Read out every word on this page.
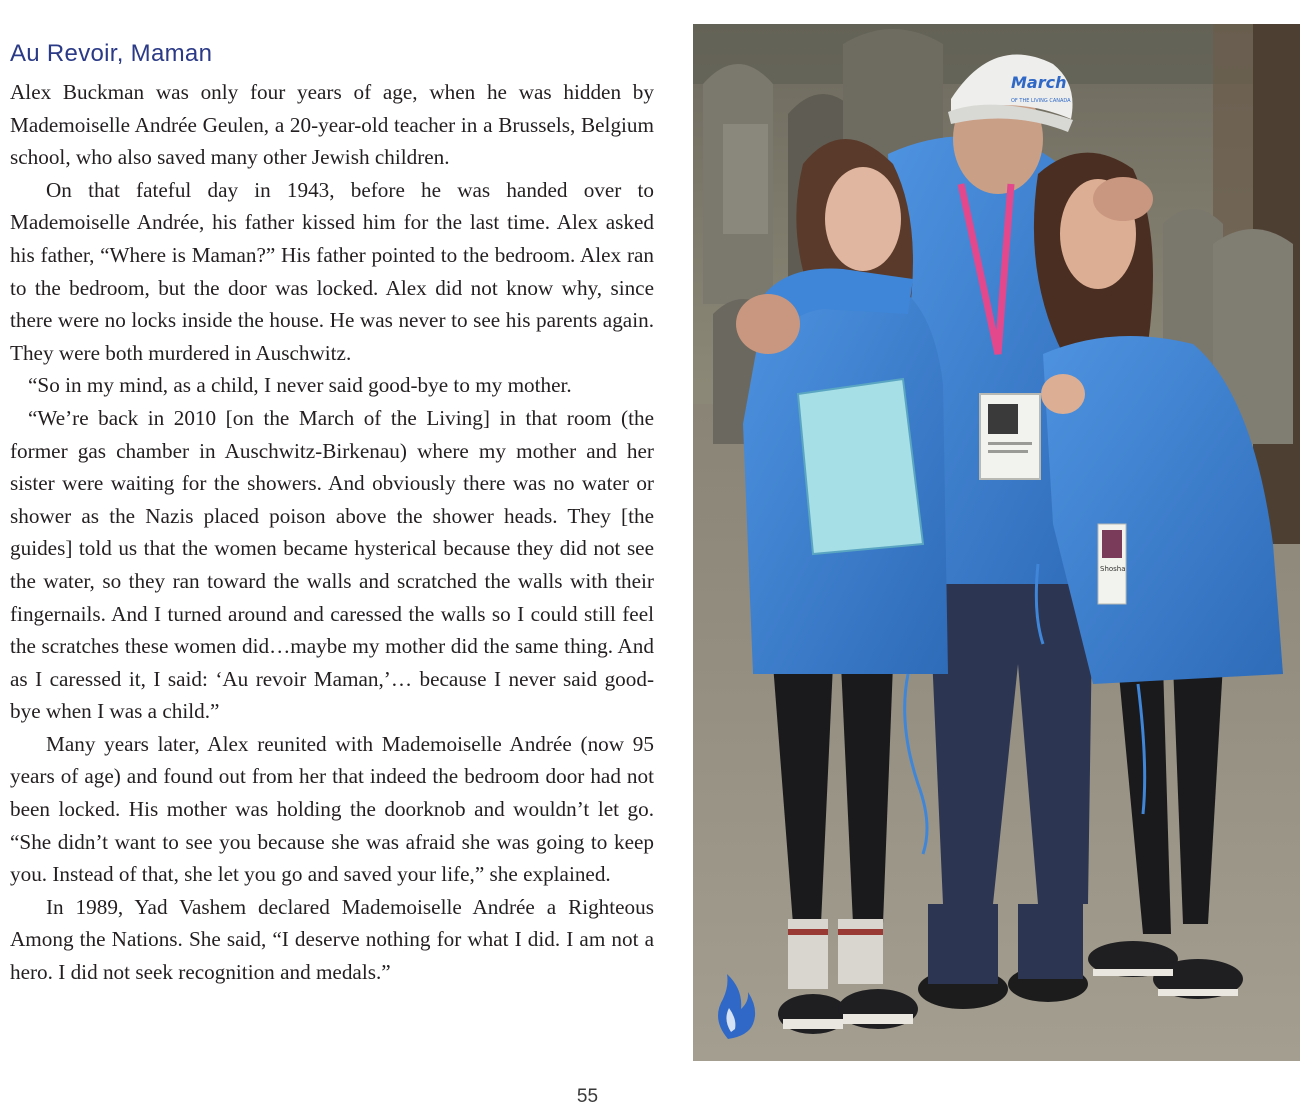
Au Revoir, Maman

Alex Buckman was only four years of age, when he was hidden by Mademoiselle Andrée Geulen, a 20-year-old teacher in a Brussels, Belgium school, who also saved many other Jewish children.

On that fateful day in 1943, before he was handed over to Mademoiselle Andrée, his father kissed him for the last time. Alex asked his father, “Where is Maman?” His father pointed to the bedroom. Alex ran to the bedroom, but the door was locked. Alex did not know why, since there were no locks inside the house. He was never to see his parents again. They were both murdered in Auschwitz.

“So in my mind, as a child, I never said good-bye to my mother.

“We’re back in 2010 [on the March of the Living] in that room (the former gas chamber in Auschwitz-Birkenau) where my mother and her sister were waiting for the showers. And obviously there was no water or shower as the Nazis placed poison above the shower heads. They [the guides] told us that the women became hysterical because they did not see the water, so they ran toward the walls and scratched the walls with their fingernails. And I turned around and caressed the walls so I could still feel the scratches these women did…maybe my mother did the same thing. And as I caressed it, I said: ‘Au revoir Maman,’… because I never said good-bye when I was a child.”

Many years later, Alex reunited with Mademoiselle Andrée (now 95 years of age) and found out from her that indeed the bedroom door had not been locked. His mother was holding the doorknob and wouldn’t let go. “She didn’t want to see you because she was afraid she was going to keep you. Instead of that, she let you go and saved your life,” she explained.

In 1989, Yad Vashem declared Mademoiselle Andrée a Righteous Among the Nations. She said, “I deserve nothing for what I did. I am not a hero. I did not seek recognition and medals.”

March
OF THE LIVING CANADA
Shosha
55
